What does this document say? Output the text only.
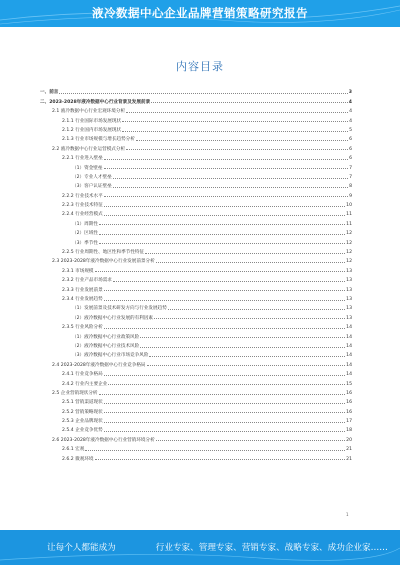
液冷数据中心企业品牌营销策略研究报告
内容目录
一、前言	3
二、2023-2028年液冷数据中心行业背景及发展前景	4
2.1 液冷数据中心行业宏观环境分析	4
2.1.1 行业国际市场发展现状	4
2.1.2 行业国内市场发展现状	5
2.1.3 行业市场规模与增长趋势分析	6
2.2 液冷数据中心行业运营模式分析	6
2.2.1 行业进入壁垒	6
（1）资金壁垒	7
（2）专业人才壁垒	7
（3）客户认证壁垒	8
2.2.2 行业技术水平	9
2.2.3 行业技术特征	10
2.2.4 行业经营模式	11
（1）周期性	11
（2）区域性	12
（3）季节性	12
2.2.5 行业周期性、地区性和季节性特征	12
2.3 2023-2028年液冷数据中心行业发展前景分析	12
2.3.1 市场规模	13
2.3.2 行业产品市场需求	13
2.3.3 行业发展前景	13
2.3.4 行业发展趋势	13
（1）发展前景及技术研发方向与行业发展趋势	13
（2）液冷数据中心行业发展的有利因素	13
2.3.5 行业风险分析	14
（1）液冷数据中心行业政策风险	14
（2）液冷数据中心行业技术风险	14
（3）液冷数据中心行业市场竞争风险	14
2.4 2023-2028年液冷数据中心行业竞争格局	14
2.4.1 行业竞争格局	14
2.4.2 行业内主要企业	15
2.5 企业营销现状分析	16
2.5.1 营销渠道现状	16
2.5.2 营销策略现状	16
2.5.3 企业品牌现状	17
2.5.4 企业竞争优势	18
2.6 2023-2028年液冷数据中心行业营销环境分析	20
2.6.1 宏观	21
2.6.2 微观环境	21
1
让每个人都能成为	行业专家、管理专家、营销专家、战略专家、成功企业家……
